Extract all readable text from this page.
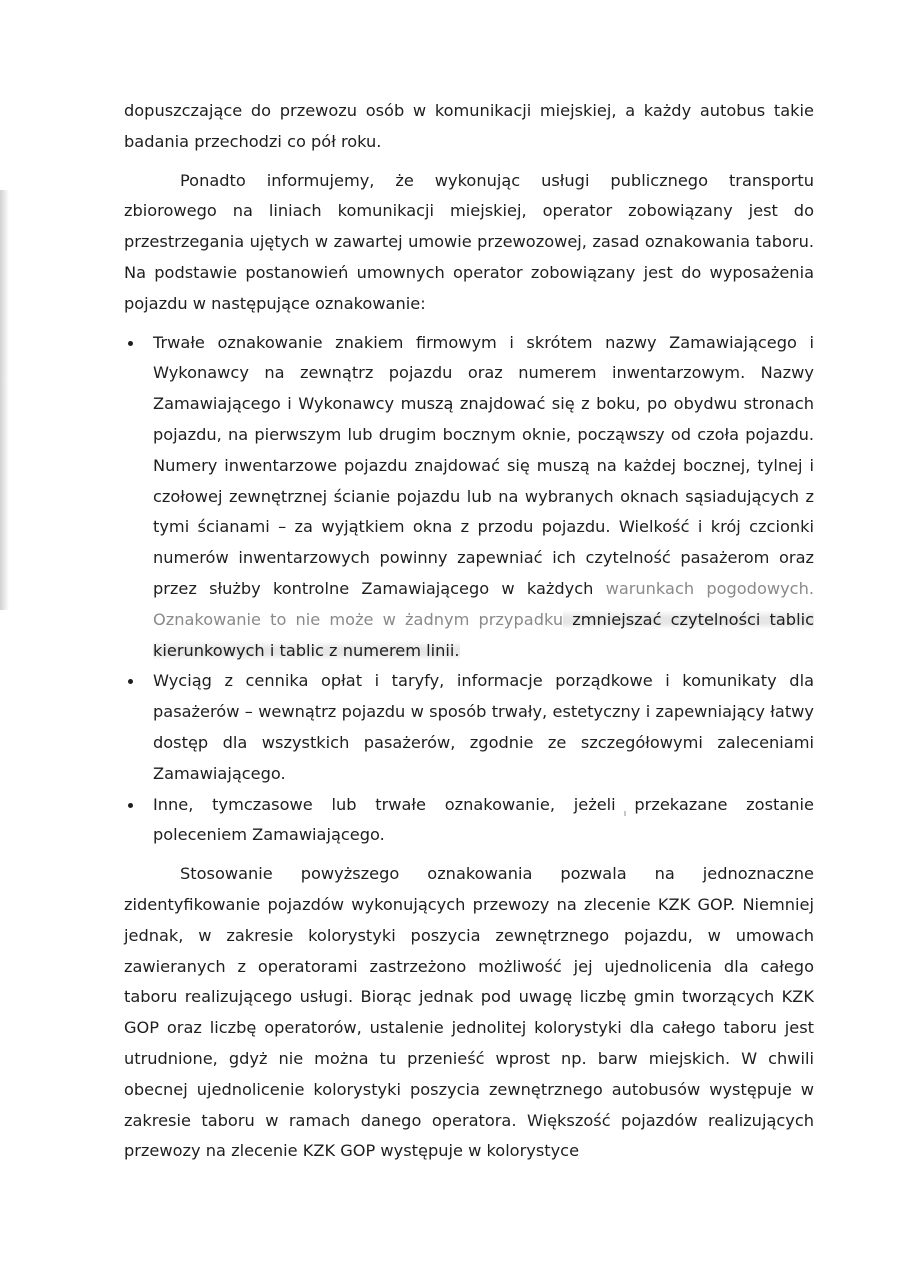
dopuszczające do przewozu osób w komunikacji miejskiej, a każdy autobus takie badania przechodzi co pół roku.

Ponadto informujemy, że wykonując usługi publicznego transportu zbiorowego na liniach komunikacji miejskiej, operator zobowiązany jest do przestrzegania ujętych w zawartej umowie przewozowej, zasad oznakowania taboru. Na podstawie postanowień umownych operator zobowiązany jest do wyposażenia pojazdu w następujące oznakowanie:

Trwałe oznakowanie znakiem firmowym i skrótem nazwy Zamawiającego i Wykonawcy na zewnątrz pojazdu oraz numerem inwentarzowym. Nazwy Zamawiającego i Wykonawcy muszą znajdować się z boku, po obydwu stronach pojazdu, na pierwszym lub drugim bocznym oknie, począwszy od czoła pojazdu. Numery inwentarzowe pojazdu znajdować się muszą na każdej bocznej, tylnej i czołowej zewnętrznej ścianie pojazdu lub na wybranych oknach sąsiadujących z tymi ścianami – za wyjątkiem okna z przodu pojazdu. Wielkość i krój czcionki numerów inwentarzowych powinny zapewniać ich czytelność pasażerom oraz przez służby kontrolne Zamawiającego w każdych warunkach pogodowych. Oznakowanie to nie może w żadnym przypadku zmniejszać czytelności tablic kierunkowych i tablic z numerem linii.
Wyciąg z cennika opłat i taryfy, informacje porządkowe i komunikaty dla pasażerów – wewnątrz pojazdu w sposób trwały, estetyczny i zapewniający łatwy dostęp dla wszystkich pasażerów, zgodnie ze szczegółowymi zaleceniami Zamawiającego.
Inne, tymczasowe lub trwałe oznakowanie, jeżeli przekazane zostanie poleceniem Zamawiającego.

Stosowanie powyższego oznakowania pozwala na jednoznaczne zidentyfikowanie pojazdów wykonujących przewozy na zlecenie KZK GOP. Niemniej jednak, w zakresie kolorystyki poszycia zewnętrznego pojazdu, w umowach zawieranych z operatorami zastrzeżono możliwość jej ujednolicenia dla całego taboru realizującego usługi. Biorąc jednak pod uwagę liczbę gmin tworzących KZK GOP oraz liczbę operatorów, ustalenie jednolitej kolorystyki dla całego taboru jest utrudnione, gdyż nie można tu przenieść wprost np. barw miejskich. W chwili obecnej ujednolicenie kolorystyki poszycia zewnętrznego autobusów występuje w zakresie taboru w ramach danego operatora. Większość pojazdów realizujących przewozy na zlecenie KZK GOP występuje w kolorystyce
